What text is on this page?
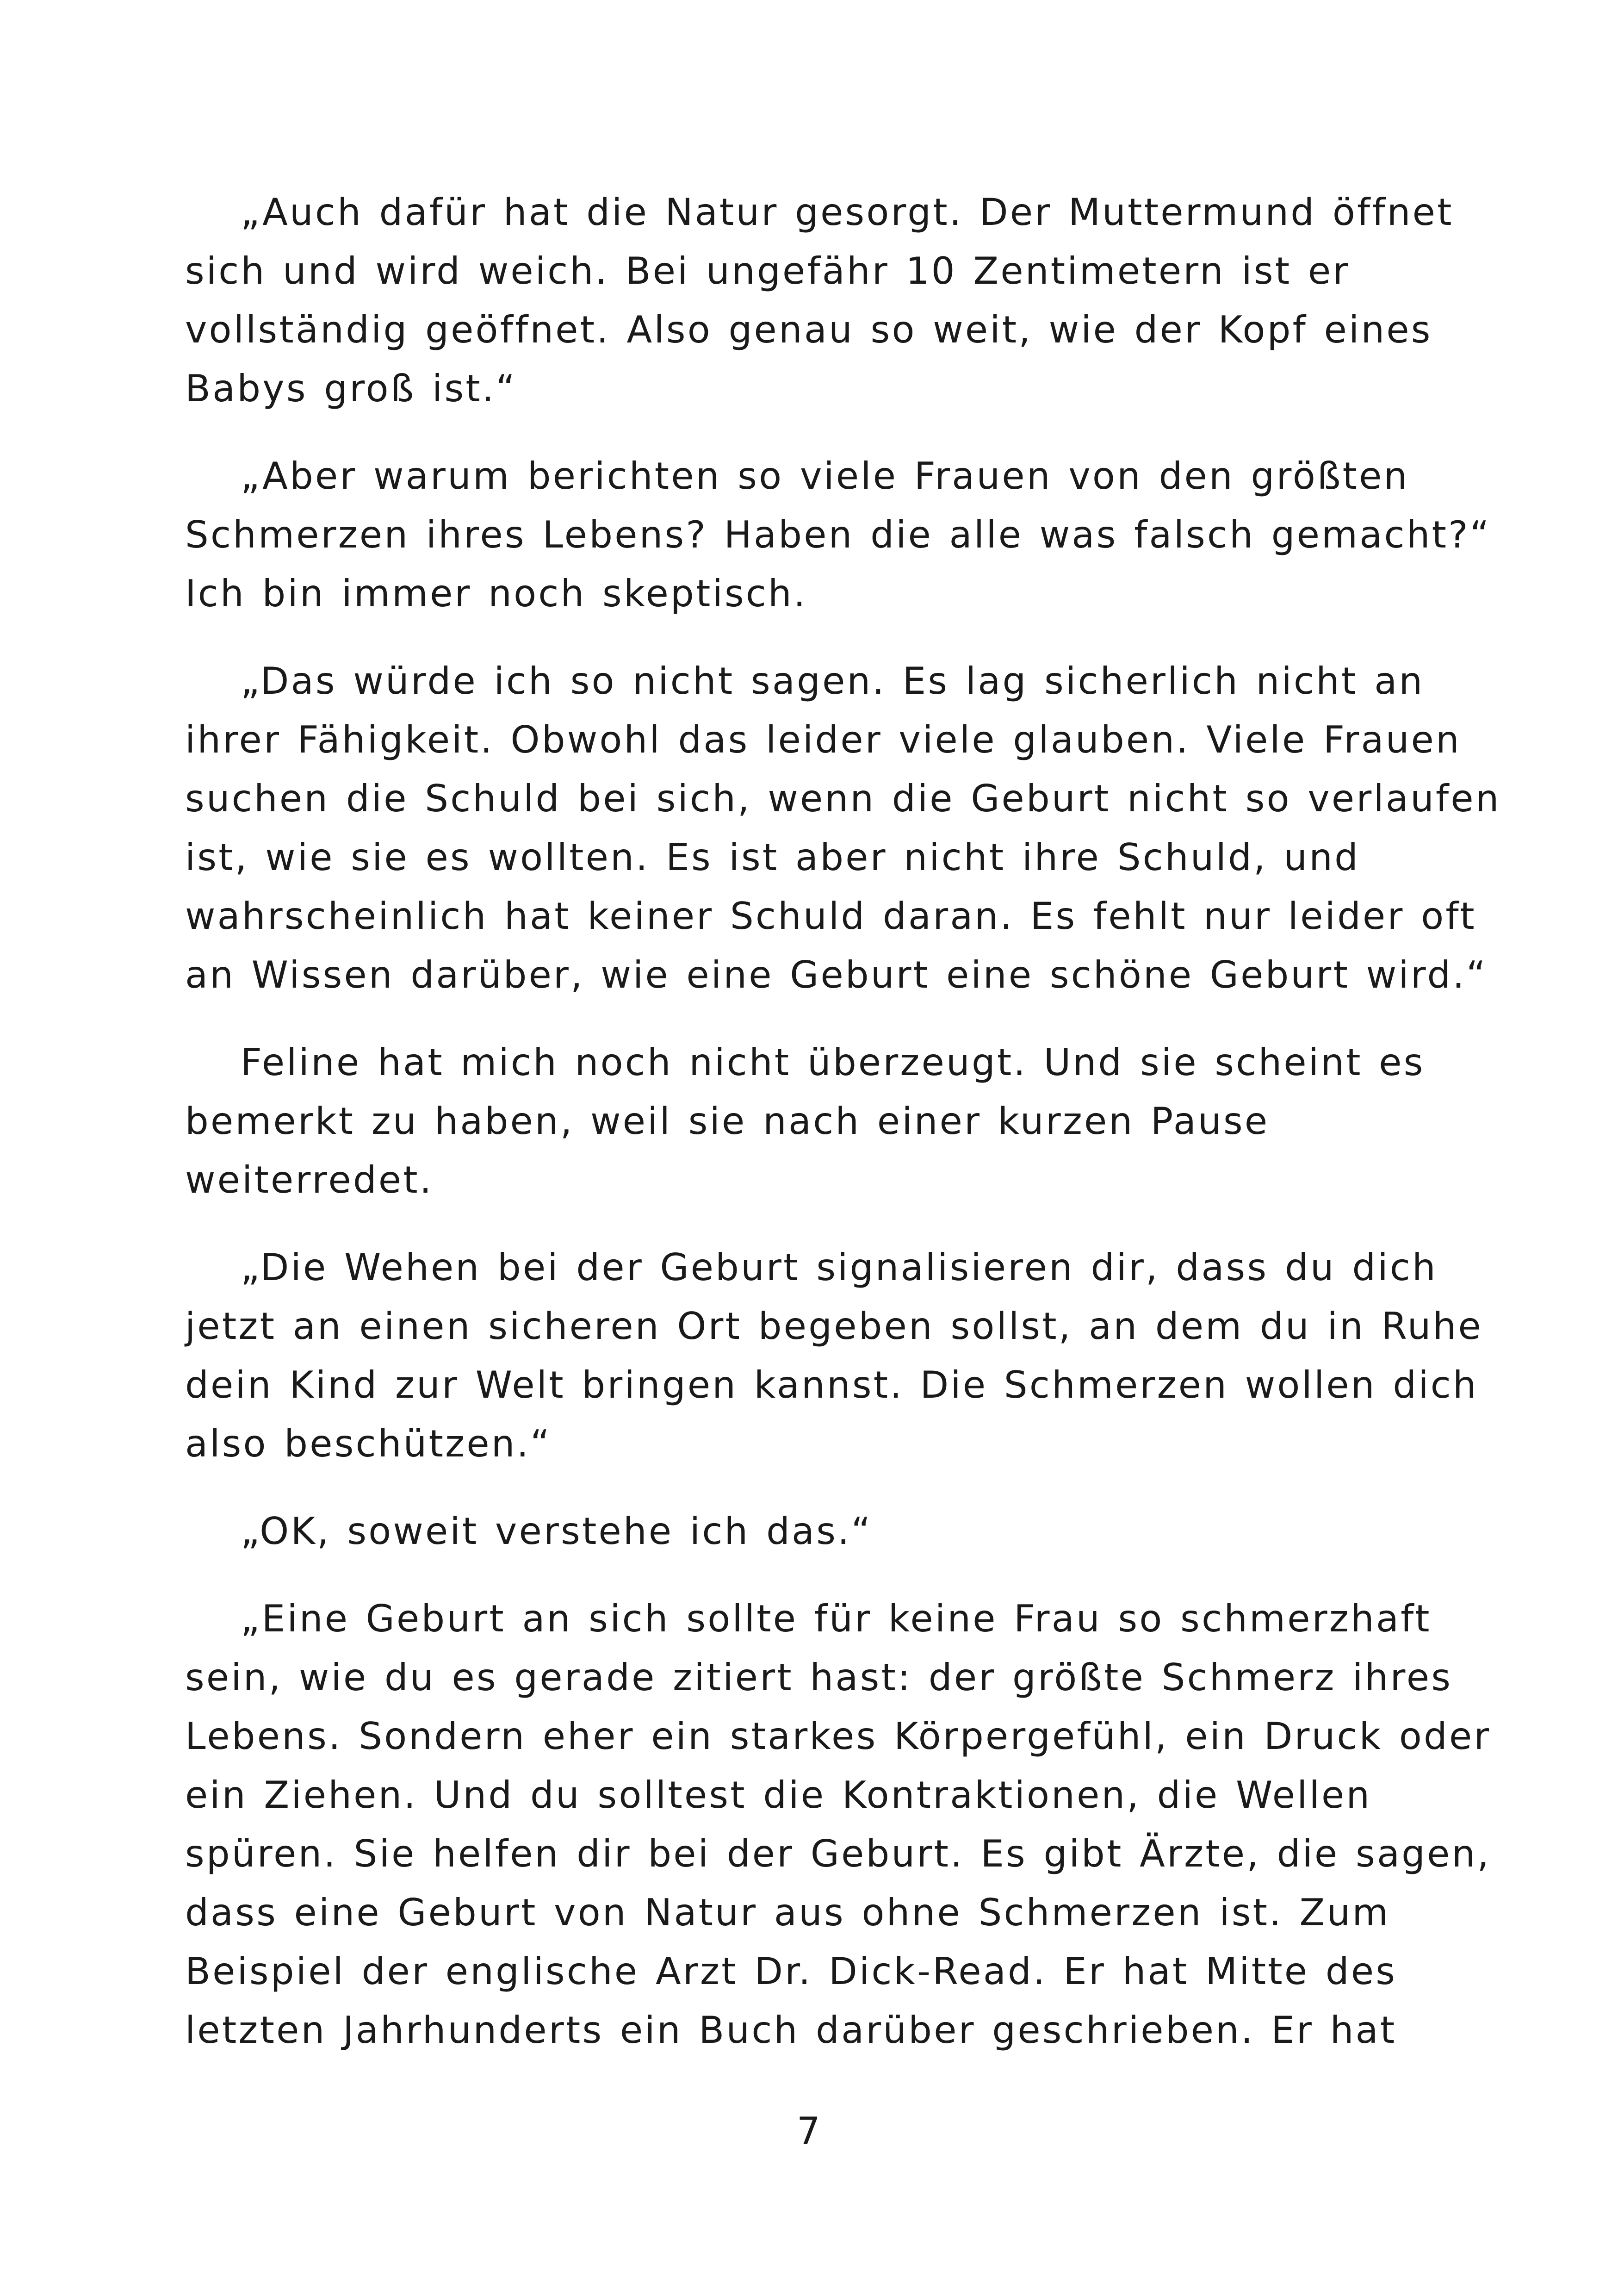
„Auch dafür hat die Natur gesorgt. Der Muttermund öffnet
sich und wird weich. Bei ungefähr 10 Zentimetern ist er
vollständig geöffnet. Also genau so weit, wie der Kopf eines
Babys groß ist.“

„Aber warum berichten so viele Frauen von den größten
Schmerzen ihres Lebens? Haben die alle was falsch gemacht?“
Ich bin immer noch skeptisch.

„Das würde ich so nicht sagen. Es lag sicherlich nicht an
ihrer Fähigkeit. Obwohl das leider viele glauben. Viele Frauen
suchen die Schuld bei sich, wenn die Geburt nicht so verlaufen
ist, wie sie es wollten. Es ist aber nicht ihre Schuld, und
wahrscheinlich hat keiner Schuld daran. Es fehlt nur leider oft
an Wissen darüber, wie eine Geburt eine schöne Geburt wird.“

Feline hat mich noch nicht überzeugt. Und sie scheint es
bemerkt zu haben, weil sie nach einer kurzen Pause
weiterredet.

„Die Wehen bei der Geburt signalisieren dir, dass du dich
jetzt an einen sicheren Ort begeben sollst, an dem du in Ruhe
dein Kind zur Welt bringen kannst. Die Schmerzen wollen dich
also beschützen.“

„OK, soweit verstehe ich das.“

„Eine Geburt an sich sollte für keine Frau so schmerzhaft
sein, wie du es gerade zitiert hast: der größte Schmerz ihres
Lebens. Sondern eher ein starkes Körpergefühl, ein Druck oder
ein Ziehen. Und du solltest die Kontraktionen, die Wellen
spüren. Sie helfen dir bei der Geburt. Es gibt Ärzte, die sagen,
dass eine Geburt von Natur aus ohne Schmerzen ist. Zum
Beispiel der englische Arzt Dr. Dick-Read. Er hat Mitte des
letzten Jahrhunderts ein Buch darüber geschrieben. Er hat

7
